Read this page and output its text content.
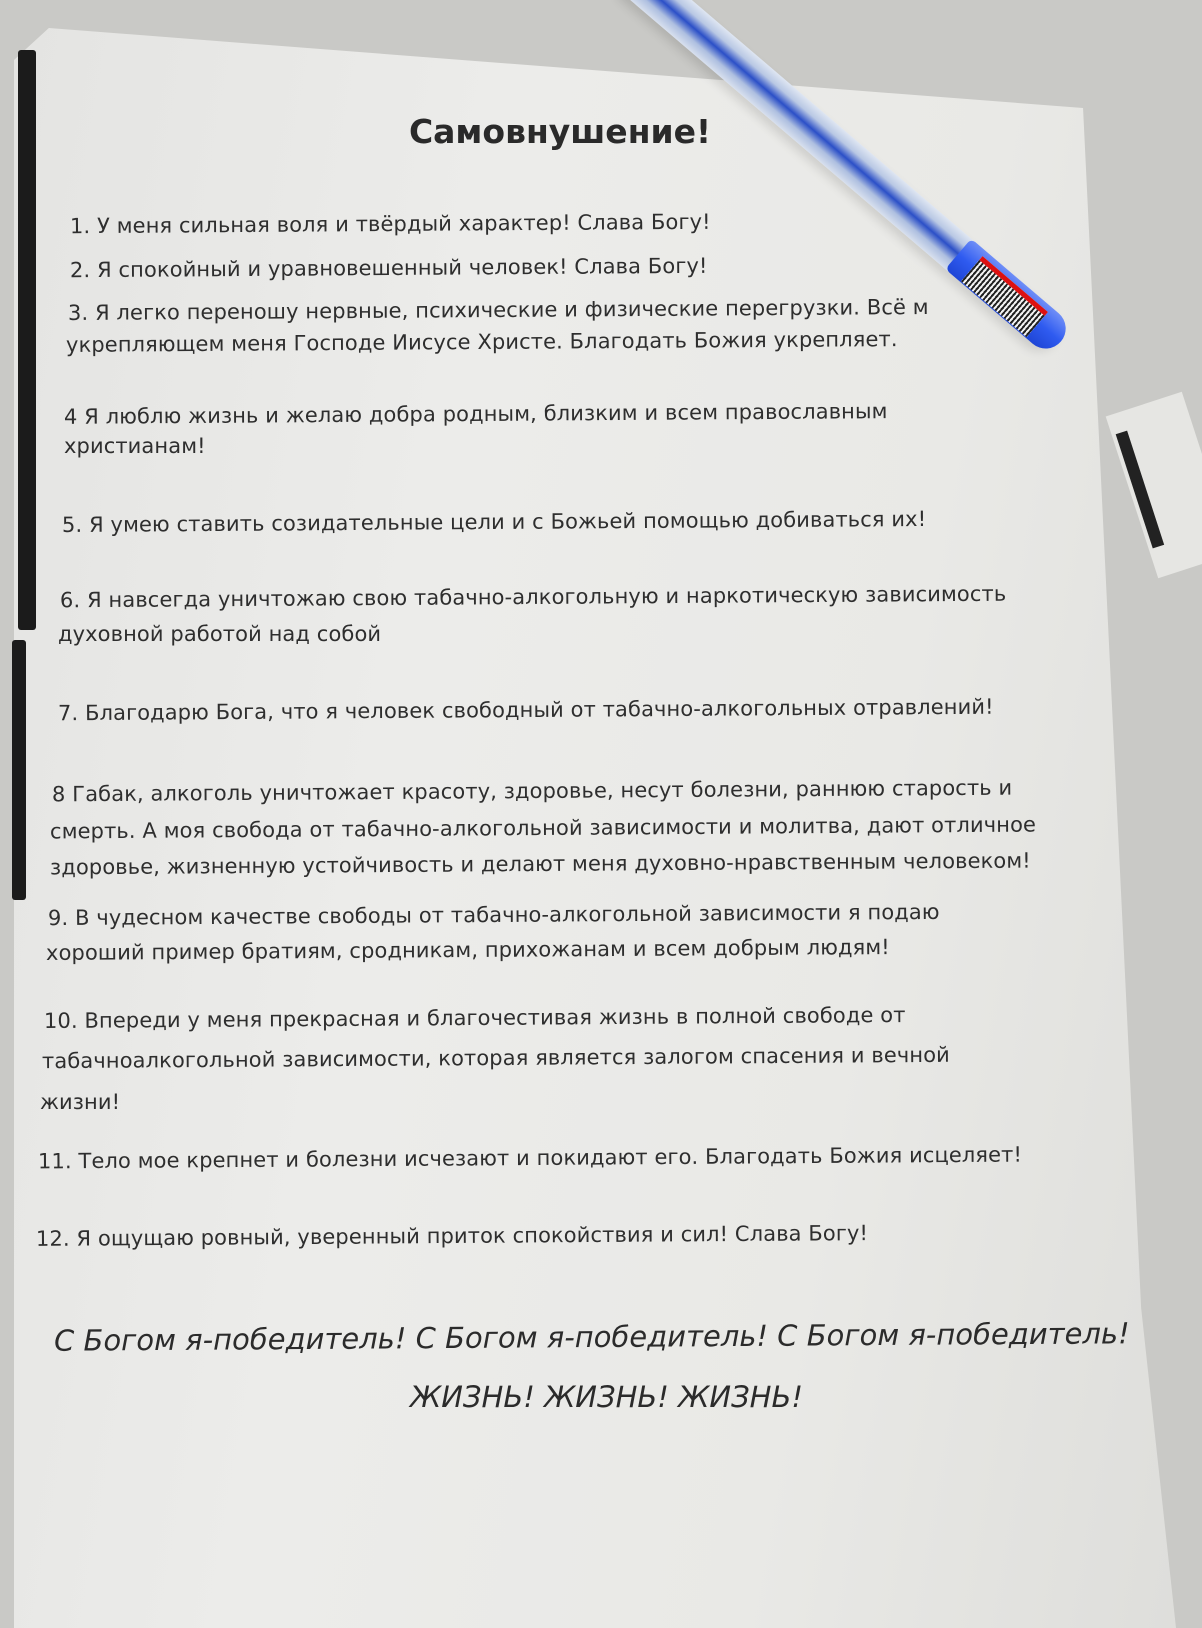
Самовнушение!
1. У меня сильная воля и твёрдый характер! Слава Богу!
2. Я спокойный и уравновешенный человек! Слава Богу!
3. Я легко переношу нервные, психические и физические перегрузки. Всё м
укрепляющем меня Господе Иисусе Христе. Благодать Божия укрепляет.
4 Я люблю жизнь и желаю добра родным, близким и всем православным
христианам!
5. Я умею ставить созидательные цели и с Божьей помощью добиваться их!
6. Я навсегда уничтожаю свою табачно-алкогольную и наркотическую зависимость
духовной работой над собой
7. Благодарю Бога, что я человек свободный от табачно-алкогольных отравлений!
8 Габак, алкоголь уничтожает красоту, здоровье, несут болезни, раннюю старость и
смерть. А моя свобода от табачно-алкогольной зависимости и молитва, дают отличное
здоровье, жизненную устойчивость и делают меня духовно-нравственным человеком!
9. В чудесном качестве свободы от табачно-алкогольной зависимости я подаю
хороший пример братиям, сродникам, прихожанам и всем добрым людям!
10. Впереди у меня прекрасная и благочестивая жизнь в полной свободе от
табачноалкогольной зависимости, которая является залогом спасения и вечной
жизни!
11. Тело мое крепнет и болезни исчезают и покидают его. Благодать Божия исцеляет!
12. Я ощущаю ровный, уверенный приток спокойствия и сил! Слава Богу!
С Богом я-победитель! С Богом я-победитель! С Богом я-победитель!
ЖИЗНЬ! ЖИЗНЬ! ЖИЗНЬ!
